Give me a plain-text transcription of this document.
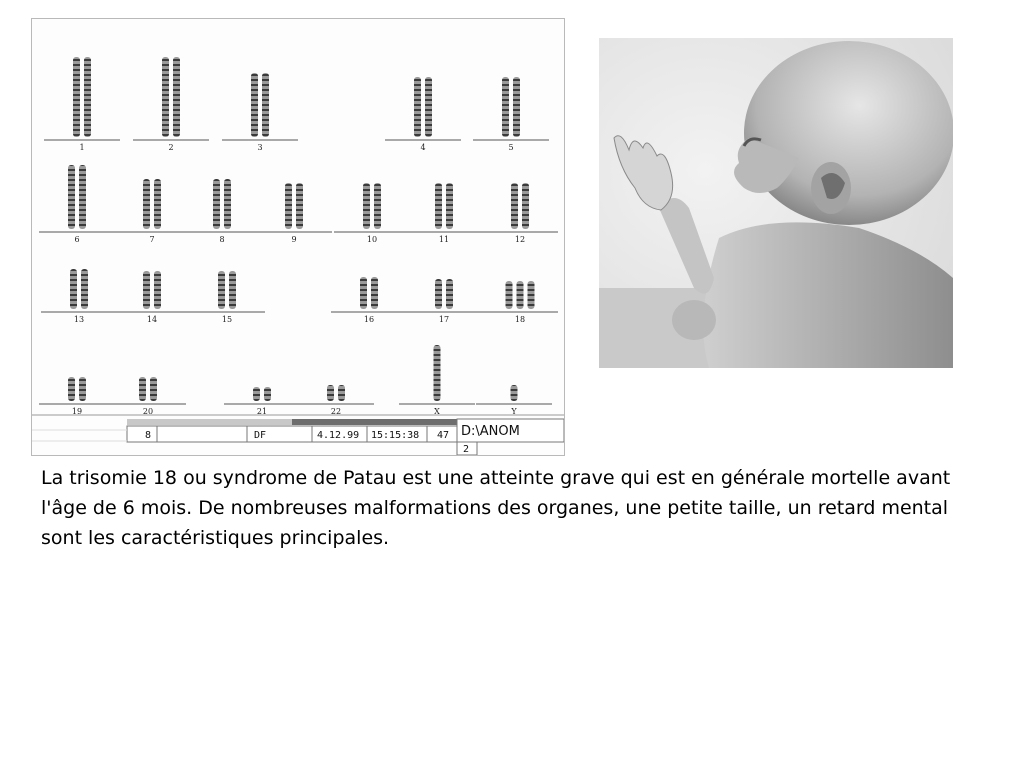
1	2	3	4	5
6	7	8	9	10	11	12
13	14	15	16	17	18
19	20	21	22	X	Y
8	DF	4.12.99 15:15:38 47 D:\ANOM
2

La trisomie 18 ou syndrome de Patau est une atteinte grave qui est en générale mortelle avant l'âge de 6 mois. De nombreuses malformations des organes, une petite taille, un retard mental sont les caractéristiques principales.
